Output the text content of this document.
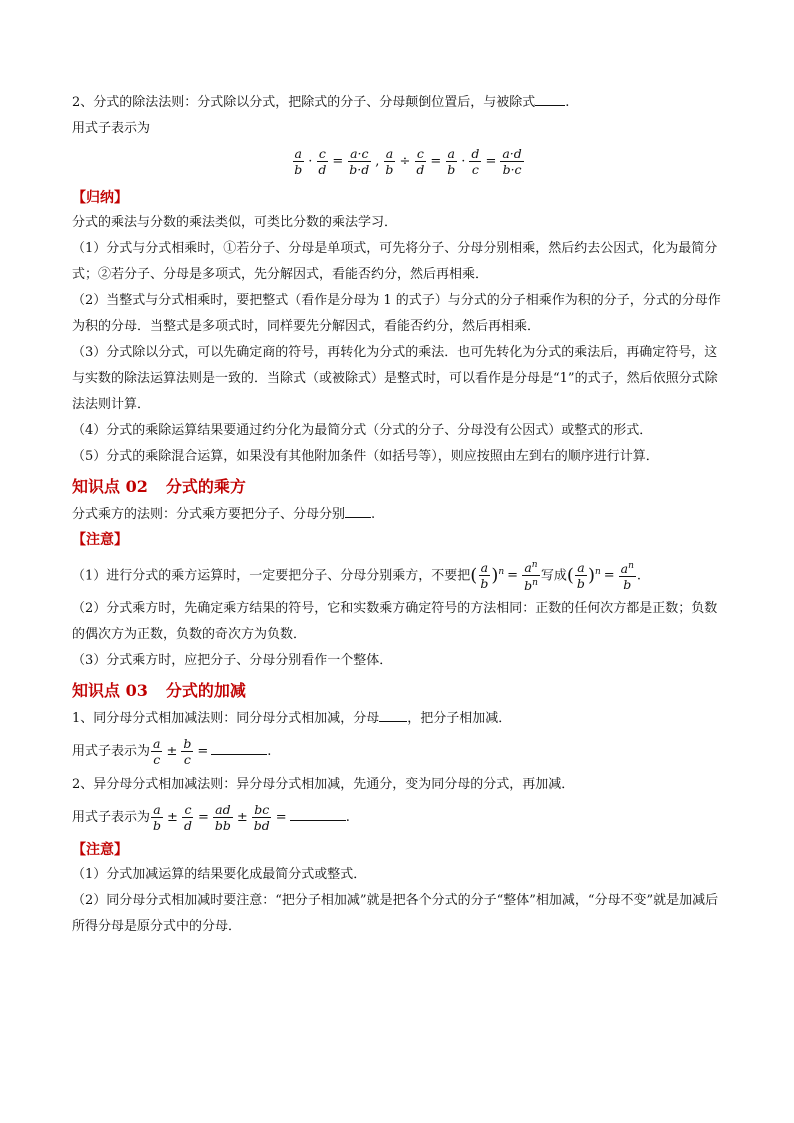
2、分式的除法法则：分式除以分式，把除式的分子、分母颠倒位置后，与被除式 .
用式子表示为
$\frac{a}{b} \cdot \frac{c}{d} = \frac{a\cdot c}{b\cdot d}$ , $\frac{a}{b} \div \frac{c}{d} = \frac{a}{b} \cdot \frac{d}{c} = \frac{a\cdot d}{b\cdot c}$
【归纳】
分式的乘法与分数的乘法类似，可类比分数的乘法学习．
（1）分式与分式相乘时，①若分子、分母是单项式，可先将分子、分母分别相乘，然后约去公因式，化为最简分式；②若分子、分母是多项式，先分解因式，看能否约分，然后再相乘．
（2）当整式与分式相乘时，要把整式（看作是分母为 1 的式子）与分式的分子相乘作为积的分子，分式的分母作为积的分母．当整式是多项式时，同样要先分解因式，看能否约分，然后再相乘．
（3）分式除以分式，可以先确定商的符号，再转化为分式的乘法．也可先转化为分式的乘法后，再确定符号，这与实数的除法运算法则是一致的．当除式（或被除式）是整式时，可以看作是分母是“1”的式子，然后依照分式除法法则计算．
（4）分式的乘除运算结果要通过约分化为最简分式（分式的分子、分母没有公因式）或整式的形式．
（5）分式的乘除混合运算，如果没有其他附加条件（如括号等），则应按照由左到右的顺序进行计算．
知识点 02 分式的乘方
分式乘方的法则：分式乘方要把分子、分母分别 .
【注意】
（1）进行分式的乘方运算时，一定要把分子、分母分别乘方，不要把( $\frac{a}{b} )^n = \frac{a^n}{b^n}$ 写成( $\frac{a}{b} )^n = \frac{a^n}{b}$ .
（2）分式乘方时，先确定乘方结果的符号，它和实数乘方确定符号的方法相同：正数的任何次方都是正数；负数的偶次方为正数，负数的奇次方为负数．
（3）分式乘方时，应把分子、分母分别看作一个整体．
知识点 03 分式的加减
1、同分母分式相加减法则：同分母分式相加减，分母 ，把分子相加减．
用式子表示为 $\frac{a}{c} \pm \frac{b}{c}$ =	.
2、异分母分式相加减法则：异分母分式相加减，先通分，变为同分母的分式，再加减．
用式子表示为 $\frac{a}{b} \pm \frac{c}{d} = \frac{ad}{bb} \pm \frac{bc}{bd}$ =	.
【注意】
（1）分式加减运算的结果要化成最简分式或整式．
（2）同分母分式相加减时要注意：“把分子相加减”就是把各个分式的分子“整体”相加减，“分母不变”就是加减后所得分母是原分式中的分母．
